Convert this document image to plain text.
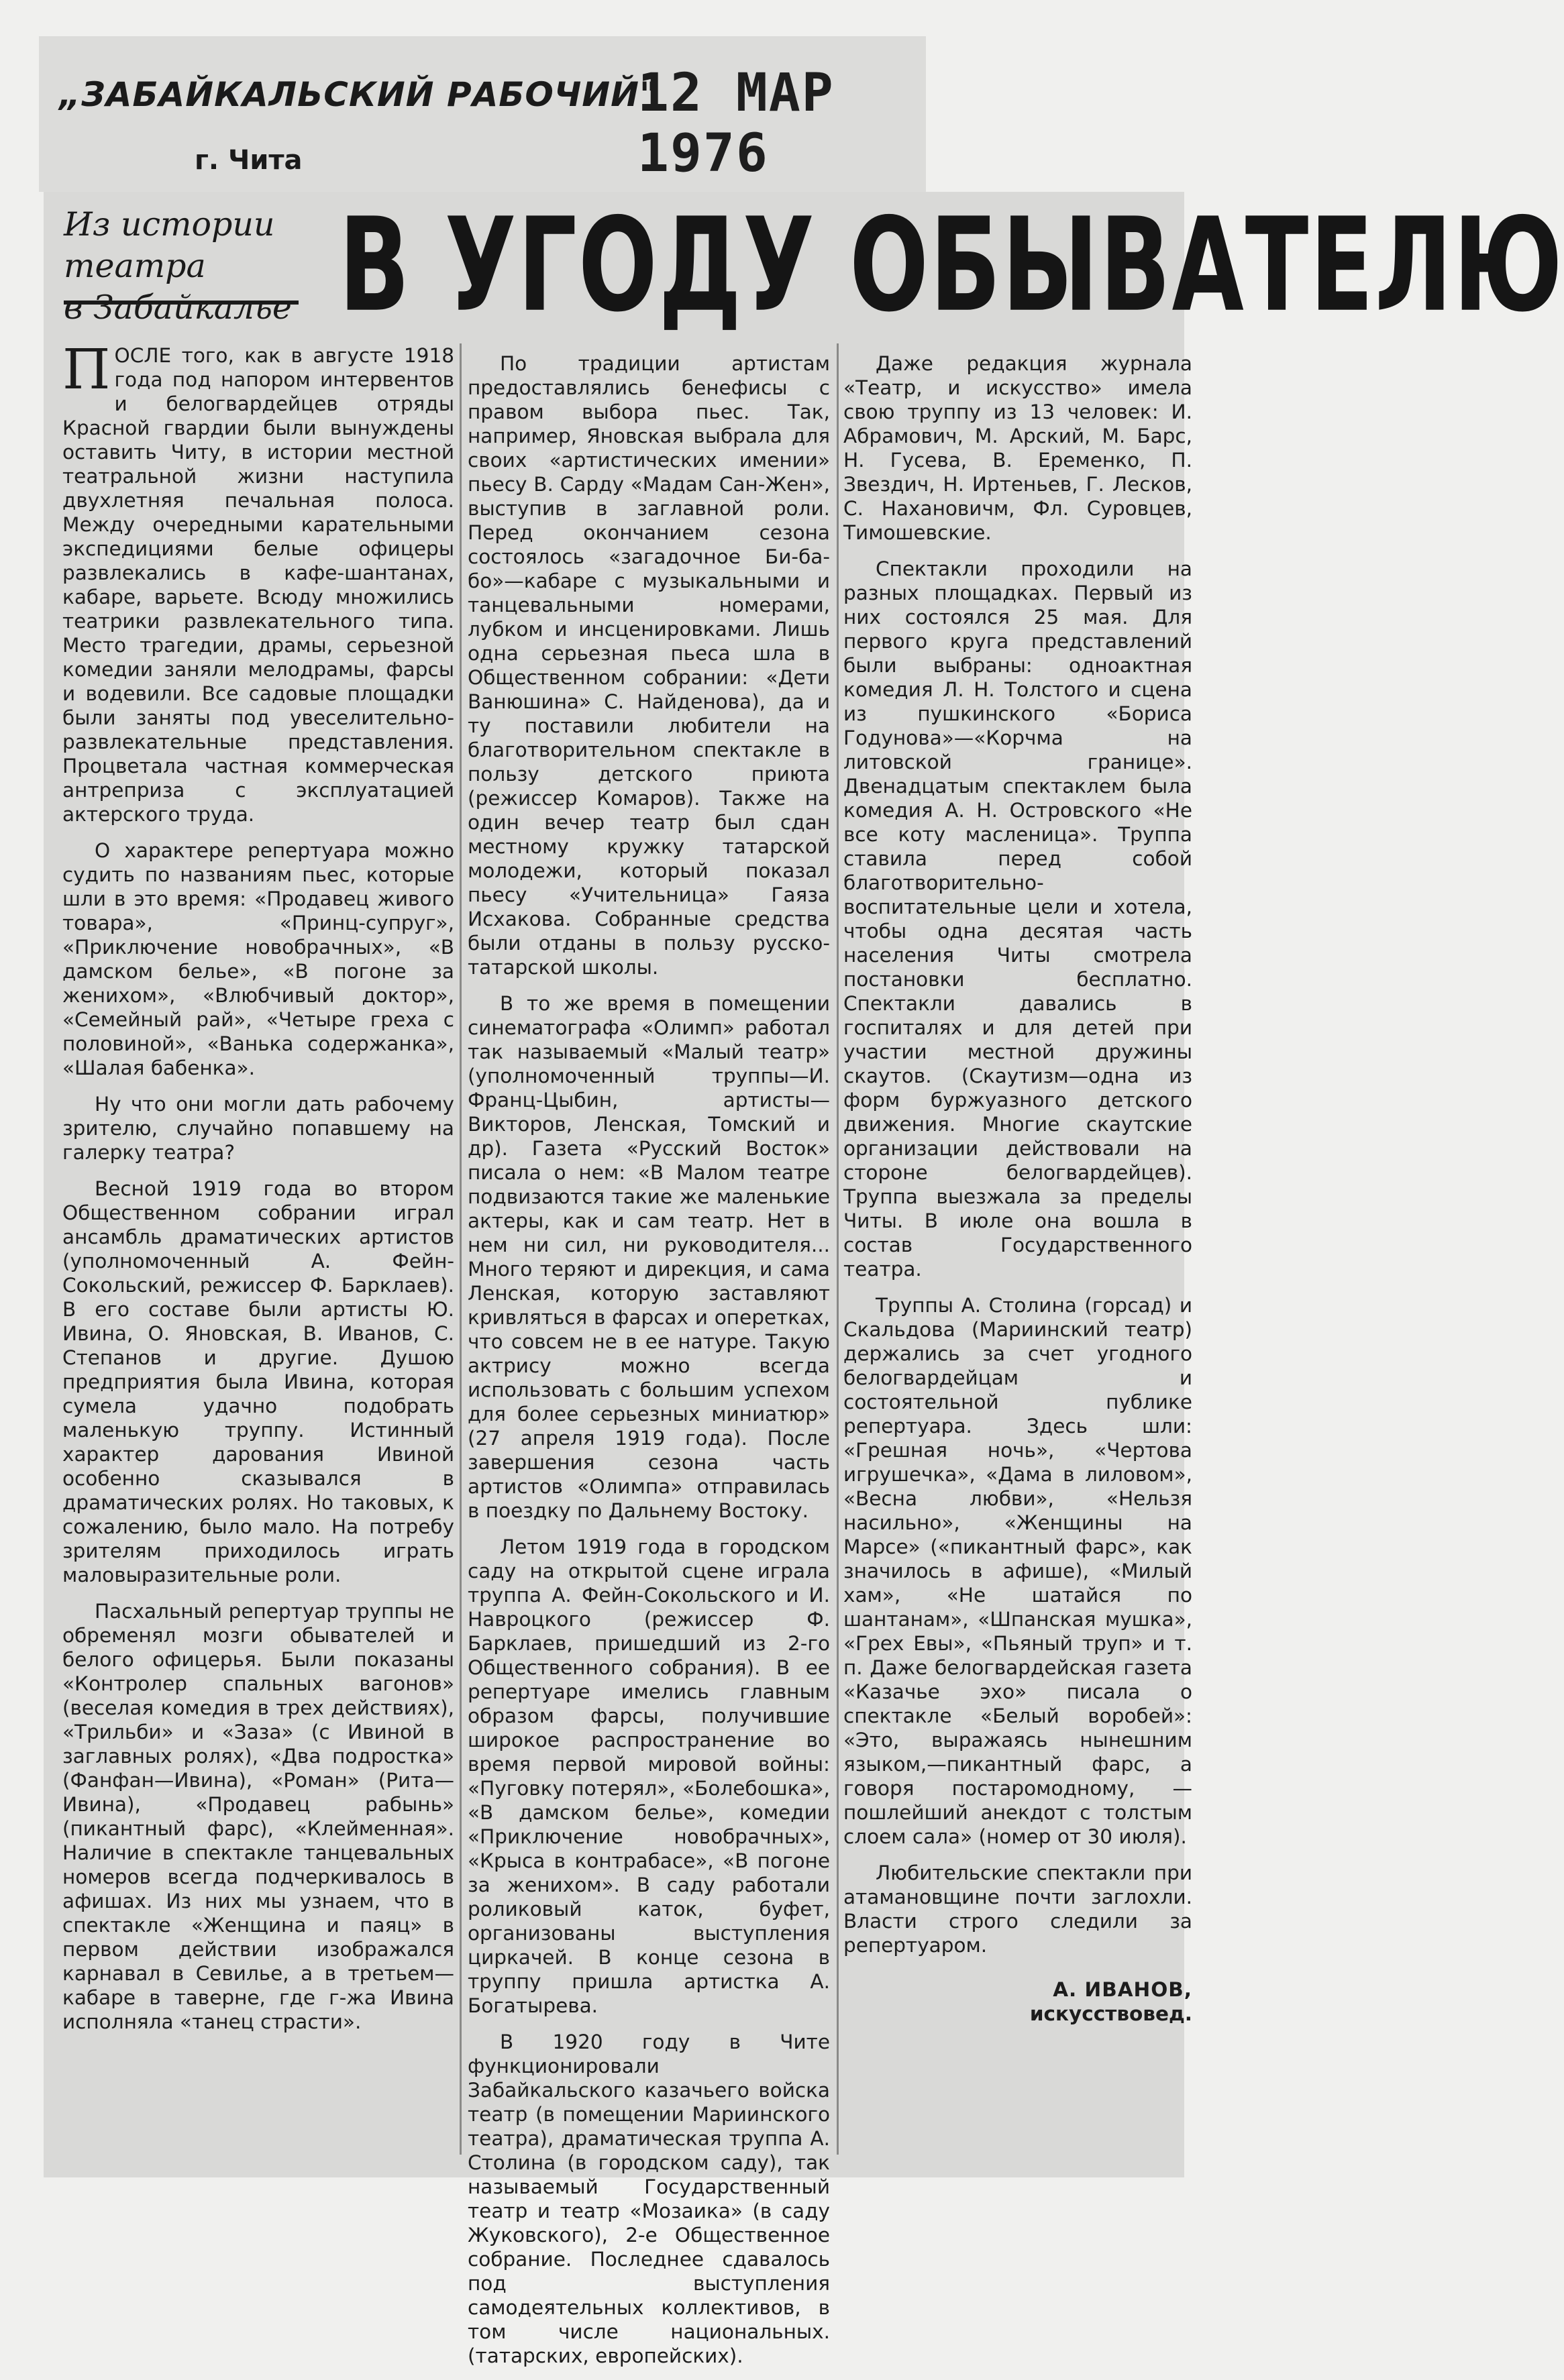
„ЗАБАЙКАЛЬСКИЙ РАБОЧИЙ"

г. Чита

12 МАР 1976

Из истории театра
в Забайкалье В УГОДУ ОБЫВАТЕЛЮ

ПОСЛЕ того, как в августе 1918 года под напором интервентов и белогвардейцев отряды Красной гвардии были вынуждены оставить Читу, в истории местной театральной жизни наступила двухлетняя печальная полоса. Между очередными карательными экспедициями белые офицеры развлекались в кафе-шантанах, кабаре, варьете. Всюду множились театрики развлекательного типа. Место трагедии, драмы, серьезной комедии заняли мелодрамы, фарсы и водевили. Все садовые площадки были заняты под увеселительно-развлекательные представления. Процветала частная коммерческая антреприза с эксплуатацией актерского труда.

О характере репертуара можно судить по названиям пьес, которые шли в это время: «Продавец живого товара», «Принц-супруг», «Приключение новобрачных», «В дамском белье», «В погоне за женихом», «Влюбчивый доктор», «Семейный рай», «Четыре греха с половиной», «Ванька содержанка», «Шалая бабенка».

Ну что они могли дать рабочему зрителю, случайно попавшему на галерку театра?

Весной 1919 года во втором Общественном собрании играл ансамбль драматических артистов (уполномоченный А. Фейн-Сокольский, режиссер Ф. Барклаев). В его составе были артисты Ю. Ивина, О. Яновская, В. Иванов, С. Степанов и другие. Душою предприятия была Ивина, которая сумела удачно подобрать маленькую труппу. Истинный характер дарования Ивиной особенно сказывался в драматических ролях. Но таковых, к сожалению, было мало. На потребу зрителям приходилось играть маловыразительные роли.

Пасхальный репертуар труппы не обременял мозги обывателей и белого офицерья. Были показаны «Контролер спальных вагонов» (веселая комедия в трех действиях), «Трильби» и «Заза» (с Ивиной в заглавных ролях), «Два подростка» (Фанфан—Ивина), «Роман» (Рита—Ивина), «Продавец рабынь» (пикантный фарс), «Клейменная». Наличие в спектакле танцевальных номеров всегда подчеркивалось в афишах. Из них мы узнаем, что в спектакле «Женщина и паяц» в первом действии изображался карнавал в Севилье, а в третьем—кабаре в таверне, где г-жа Ивина исполняла «танец страсти».

По традиции артистам предоставлялись бенефисы с правом выбора пьес. Так, например, Яновская выбрала для своих «артистических имении» пьесу В. Сарду «Мадам Сан-Жен», выступив в заглавной роли. Перед окончанием сезона состоялось «загадочное Би-ба-бо»—кабаре с музыкальными и танцевальными номерами, лубком и инсценировками. Лишь одна серьезная пьеса шла в Общественном собрании: «Дети Ванюшина» С. Найденова), да и ту поставили любители на благотворительном спектакле в пользу детского приюта (режиссер Комаров). Также на один вечер театр был сдан местному кружку татарской молодежи, который показал пьесу «Учительница» Гаяза Исхакова. Собранные средства были отданы в пользу русско-татарской школы.

В то же время в помещении синематографа «Олимп» работал так называемый «Малый театр» (уполномоченный труппы—И. Франц-Цыбин, артисты—Викторов, Ленская, Томский и др). Газета «Русский Восток» писала о нем: «В Малом театре подвизаются такие же маленькие актеры, как и сам театр. Нет в нем ни сил, ни руководителя... Много теряют и дирекция, и сама Ленская, которую заставляют кривляться в фарсах и оперетках, что совсем не в ее натуре. Такую актрису можно всегда использовать с большим успехом для более серьезных миниатюр» (27 апреля 1919 года). После завершения сезона часть артистов «Олимпа» отправилась в поездку по Дальнему Востоку.

Летом 1919 года в городском саду на открытой сцене играла труппа А. Фейн-Сокольского и И. Навроцкого (режиссер Ф. Барклаев, пришедший из 2-го Общественного собрания). В ее репертуаре имелись главным образом фарсы, получившие широкое распространение во время первой мировой войны: «Пуговку потерял», «Болебошка», «В дамском белье», комедии «Приключение новобрачных», «Крыса в контрабасе», «В погоне за женихом». В саду работали роликовый каток, буфет, организованы выступления циркачей. В конце сезона в труппу пришла артистка А. Богатырева.

В 1920 году в Чите функционировали Забайкальского казачьего войска театр (в помещении Мариинского театра), драматическая труппа А. Столина (в городском саду), так называемый Государственный театр и театр «Мозаика» (в саду Жуковского), 2-е Общественное собрание. Последнее сдавалось под выступления самодеятельных коллективов, в том числе национальных. (татарских, европейских).

Даже редакция журнала «Театр, и искусство» имела свою труппу из 13 человек: И. Абрамович, М. Арский, М. Барс, Н. Гусева, В. Еременко, П. Звездич, Н. Иртеньев, Г. Лесков, С. Нахановичм, Фл. Суровцев, Тимошевские.

Спектакли проходили на разных площадках. Первый из них состоялся 25 мая. Для первого круга представлений были выбраны: одноактная комедия Л. Н. Толстого и сцена из пушкинского «Бориса Годунова»—«Корчма на литовской границе». Двенадцатым спектаклем была комедия А. Н. Островского «Не все коту масленица». Труппа ставила перед собой благотворительно-воспитательные цели и хотела, чтобы одна десятая часть населения Читы смотрела постановки бесплатно. Спектакли давались в госпиталях и для детей при участии местной дружины скаутов. (Скаутизм—одна из форм буржуазного детского движения. Многие скаутские организации действовали на стороне белогвардейцев). Труппа выезжала за пределы Читы. В июле она вошла в состав Государственного театра.

Труппы А. Столина (горсад) и Скальдова (Мариинский театр) держались за счет угодного белогвардейцам и состоятельной публике репертуара. Здесь шли: «Грешная ночь», «Чертова игрушечка», «Дама в лиловом», «Весна любви», «Нельзя насильно», «Женщины на Марсе» («пикантный фарс», как значилось в афише), «Милый хам», «Не шатайся по шантанам», «Шпанская мушка», «Грех Евы», «Пьяный труп» и т. п. Даже белогвардейская газета «Казачье эхо» писала о спектакле «Белый воробей»: «Это, выражаясь нынешним языком,—пикантный фарс, а говоря постаромодному, — пошлейший анекдот с толстым слоем сала» (номер от 30 июля).

Любительские спектакли при атамановщине почти заглохли. Власти строго следили за репертуаром.

А. ИВАНОВ,

искусствовед.
